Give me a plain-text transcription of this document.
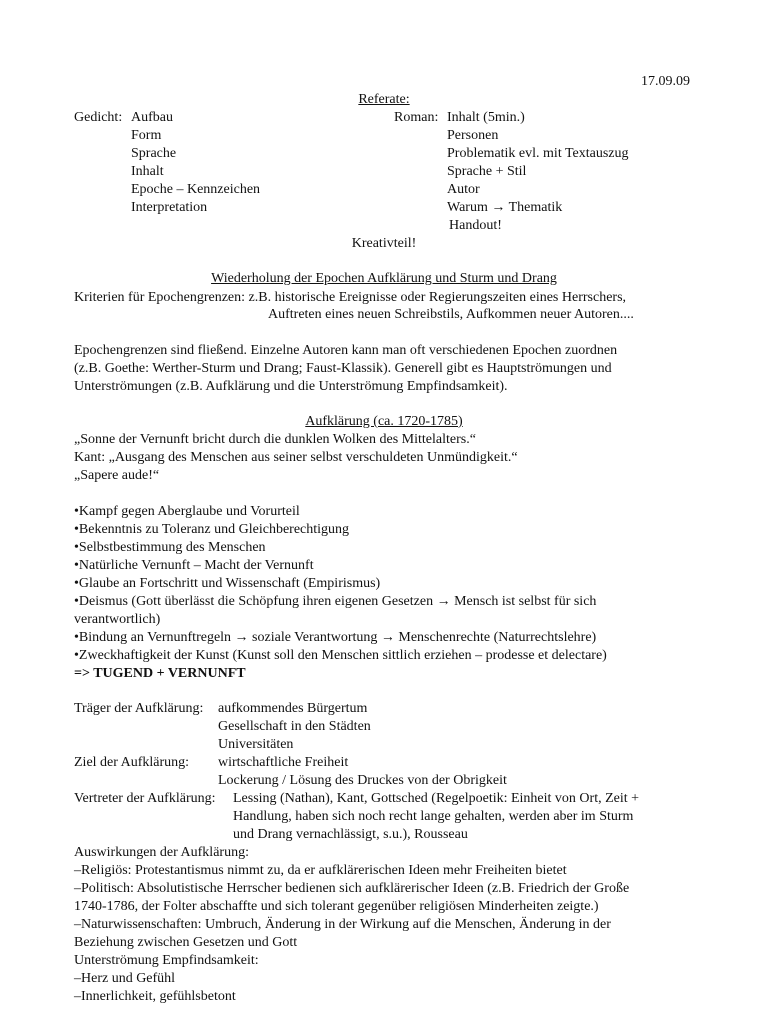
17.09.09
Referate:
Gedicht: Aufbau
Form
Sprache
Inhalt
Epoche – Kennzeichen
Interpretation
Roman: Inhalt (5min.)
Personen
Problematik evl. mit Textauszug
Sprache + Stil
Autor
Warum → Thematik
Handout!
Kreativteil!
Wiederholung der Epochen Aufklärung und Sturm und Drang
Kriterien für Epochengrenzen: z.B. historische Ereignisse oder Regierungszeiten eines Herrschers,
Auftreten eines neuen Schreibstils, Aufkommen neuer Autoren....
Epochengrenzen sind fließend. Einzelne Autoren kann man oft verschiedenen Epochen zuordnen
(z.B. Goethe: Werther-Sturm und Drang; Faust-Klassik). Generell gibt es Hauptströmungen und
Unterströmungen (z.B. Aufklärung und die Unterströmung Empfindsamkeit).
Aufklärung (ca. 1720-1785)
„Sonne der Vernunft bricht durch die dunklen Wolken des Mittelalters.“
Kant: „Ausgang des Menschen aus seiner selbst verschuldeten Unmündigkeit.“
„Sapere aude!“
•Kampf gegen Aberglaube und Vorurteil
•Bekenntnis zu Toleranz und Gleichberechtigung
•Selbstbestimmung des Menschen
•Natürliche Vernunft – Macht der Vernunft
•Glaube an Fortschritt und Wissenschaft (Empirismus)
•Deismus (Gott überlässt die Schöpfung ihren eigenen Gesetzen → Mensch ist selbst für sich
verantwortlich)
•Bindung an Vernunftregeln → soziale Verantwortung → Menschenrechte (Naturrechtslehre)
•Zweckhaftigkeit der Kunst (Kunst soll den Menschen sittlich erziehen – prodesse et delectare)
=> TUGEND + VERNUNFT
Träger der Aufklärung: aufkommendes Bürgertum
Gesellschaft in den Städten
Universitäten
Ziel der Aufklärung: wirtschaftliche Freiheit
Lockerung / Lösung des Druckes von der Obrigkeit
Vertreter der Aufklärung: Lessing (Nathan), Kant, Gottsched (Regelpoetik: Einheit von Ort, Zeit +
Handlung, haben sich noch recht lange gehalten, werden aber im Sturm
und Drang vernachlässigt, s.u.), Rousseau
Auswirkungen der Aufklärung:
–Religiös: Protestantismus nimmt zu, da er aufklärerischen Ideen mehr Freiheiten bietet
–Politisch: Absolutistische Herrscher bedienen sich aufklärerischer Ideen (z.B. Friedrich der Große
1740-1786, der Folter abschaffte und sich tolerant gegenüber religiösen Minderheiten zeigte.)
–Naturwissenschaften: Umbruch, Änderung in der Wirkung auf die Menschen, Änderung in der
Beziehung zwischen Gesetzen und Gott
Unterströmung Empfindsamkeit:
–Herz und Gefühl
–Innerlichkeit, gefühlsbetont
